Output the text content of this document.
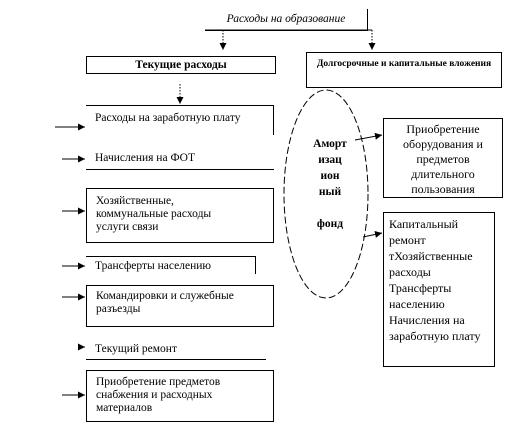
Расходы на образование
Текущие расходы	Долгосрочные и капитальные вложения
Расходы на заработную плату
Начисления на ФОТ
Хозяйственные, коммунальные расходы услуги связи
Трансферты населению
Командировки и служебные разъезды
Текущий ремонт
Приобретение предметов снабжения и расходных материалов
Приобретение оборудования и предметов длительного пользования
Капитальный ремонт тХозяйственные расходы Трансферты населению Начисления на заработную плату
Аморт
изац
ион
ный

фонд
